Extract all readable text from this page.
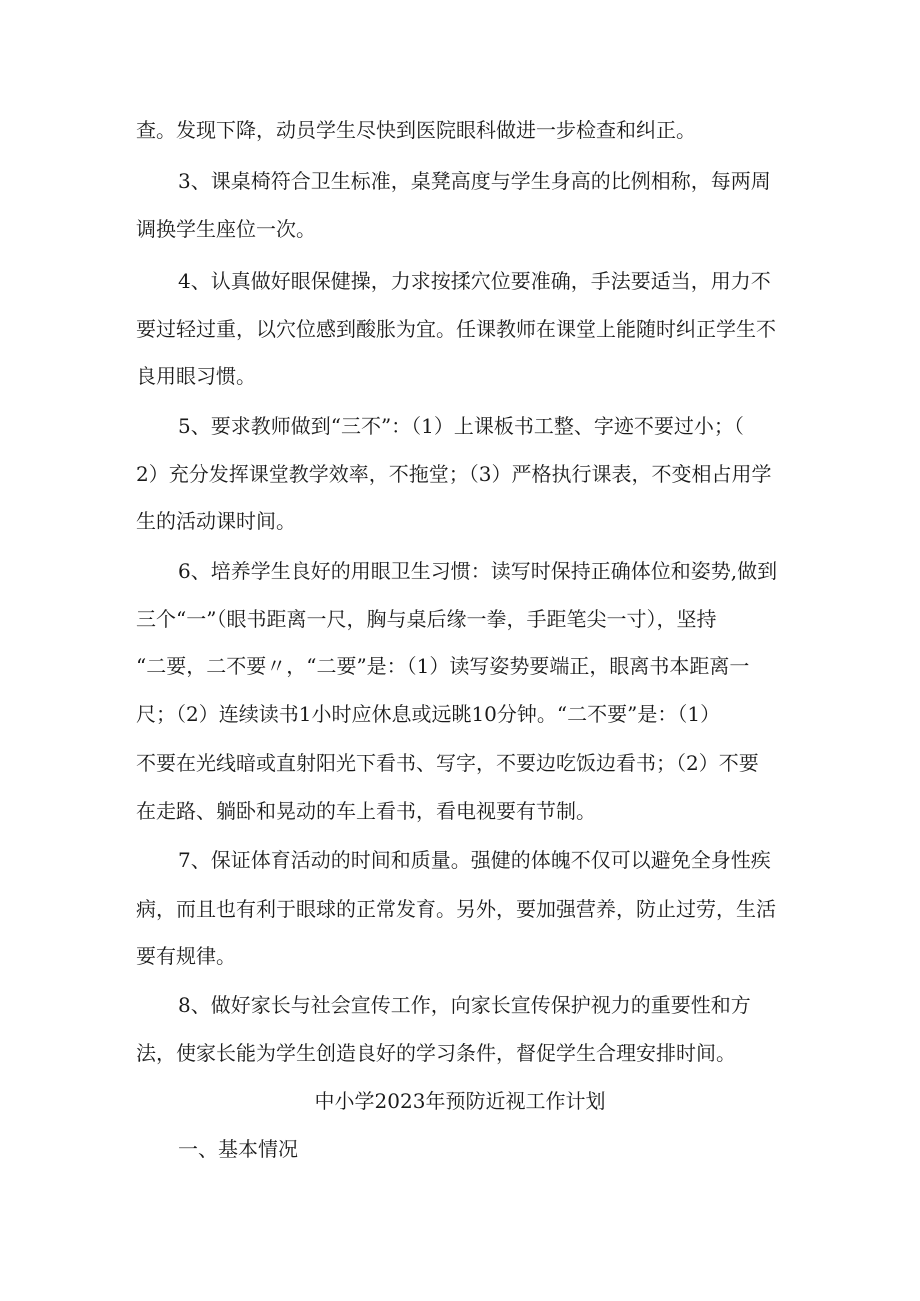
查。发现下降，动员学生尽快到医院眼科做进一步检查和纠正。
3、课桌椅符合卫生标准，桌凳高度与学生身高的比例相称，每两周
调换学生座位一次。
4、认真做好眼保健操，力求按揉穴位要准确，手法要适当，用力不
要过轻过重，以穴位感到酸胀为宜。任课教师在课堂上能随时纠正学生不
良用眼习惯。
5、要求教师做到“三不”：（1）上课板书工整、字迹不要过小；（
2）充分发挥课堂教学效率，不拖堂；（3）严格执行课表，不变相占用学
生的活动课时间。
6、培养学生良好的用眼卫生习惯：读写时保持正确体位和姿势,做到
三个“一”（眼书距离一尺，胸与桌后缘一拳，手距笔尖一寸），坚持
“二要，二不要〃，“二要”是：（1）读写姿势要端正，眼离书本距离一
尺；（2）连续读书1小时应休息或远眺10分钟。“二不要”是：（1）
不要在光线暗或直射阳光下看书、写字，不要边吃饭边看书；（2）不要
在走路、躺卧和晃动的车上看书，看电视要有节制。
7、保证体育活动的时间和质量。强健的体魄不仅可以避免全身性疾
病，而且也有利于眼球的正常发育。另外，要加强营养，防止过劳，生活
要有规律。
8、做好家长与社会宣传工作，向家长宣传保护视力的重要性和方
法，使家长能为学生创造良好的学习条件，督促学生合理安排时间。
中小学2023年预防近视工作计划
一、基本情况
